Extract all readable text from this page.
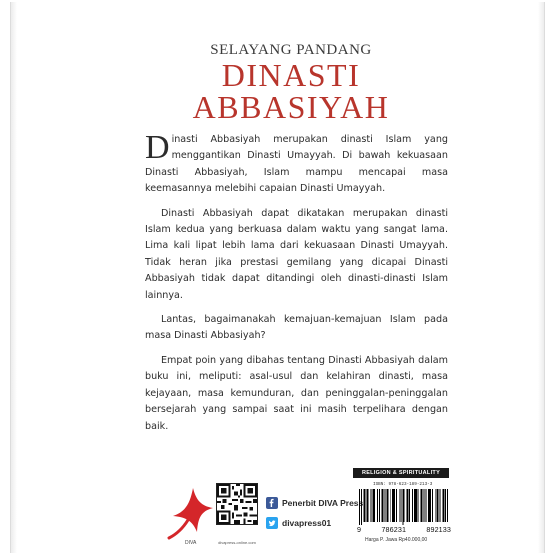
SELAYANG PANDANG
DINASTI
ABBASIYAH

Dinasti Abbasiyah merupakan dinasti Islam yang menggantikan Dinasti Umayyah. Di bawah kekuasaan Dinasti Abbasiyah, Islam mampu mencapai masa keemasannya melebihi capaian Dinasti Umayyah.

Dinasti Abbasiyah dapat dikatakan merupakan dinasti Islam kedua yang berkuasa dalam waktu yang sangat lama. Lima kali lipat lebih lama dari kekuasaan Dinasti Umayyah. Tidak heran jika prestasi gemilang yang dicapai Dinasti Abbasiyah tidak dapat ditandingi oleh dinasti-dinasti Islam lainnya.

Lantas, bagaimanakah kemajuan-kemajuan Islam pada masa Dinasti Abbasiyah?

Empat poin yang dibahas tentang Dinasti Abbasiyah dalam buku ini, meliputi: asal-usul dan kelahiran dinasti, masa kejayaan, masa kemunduran, dan peninggalan-peninggalan bersejarah yang sampai saat ini masih terpelihara dengan baik.

DIVA	divapress-online.com
Penerbit DIVA Press
divapress01
RELIGION & SPIRITUALITY
ISBN: 978-623-189-213-3
9	786231	892133
Harga P. Jawa Rp40.000,00
